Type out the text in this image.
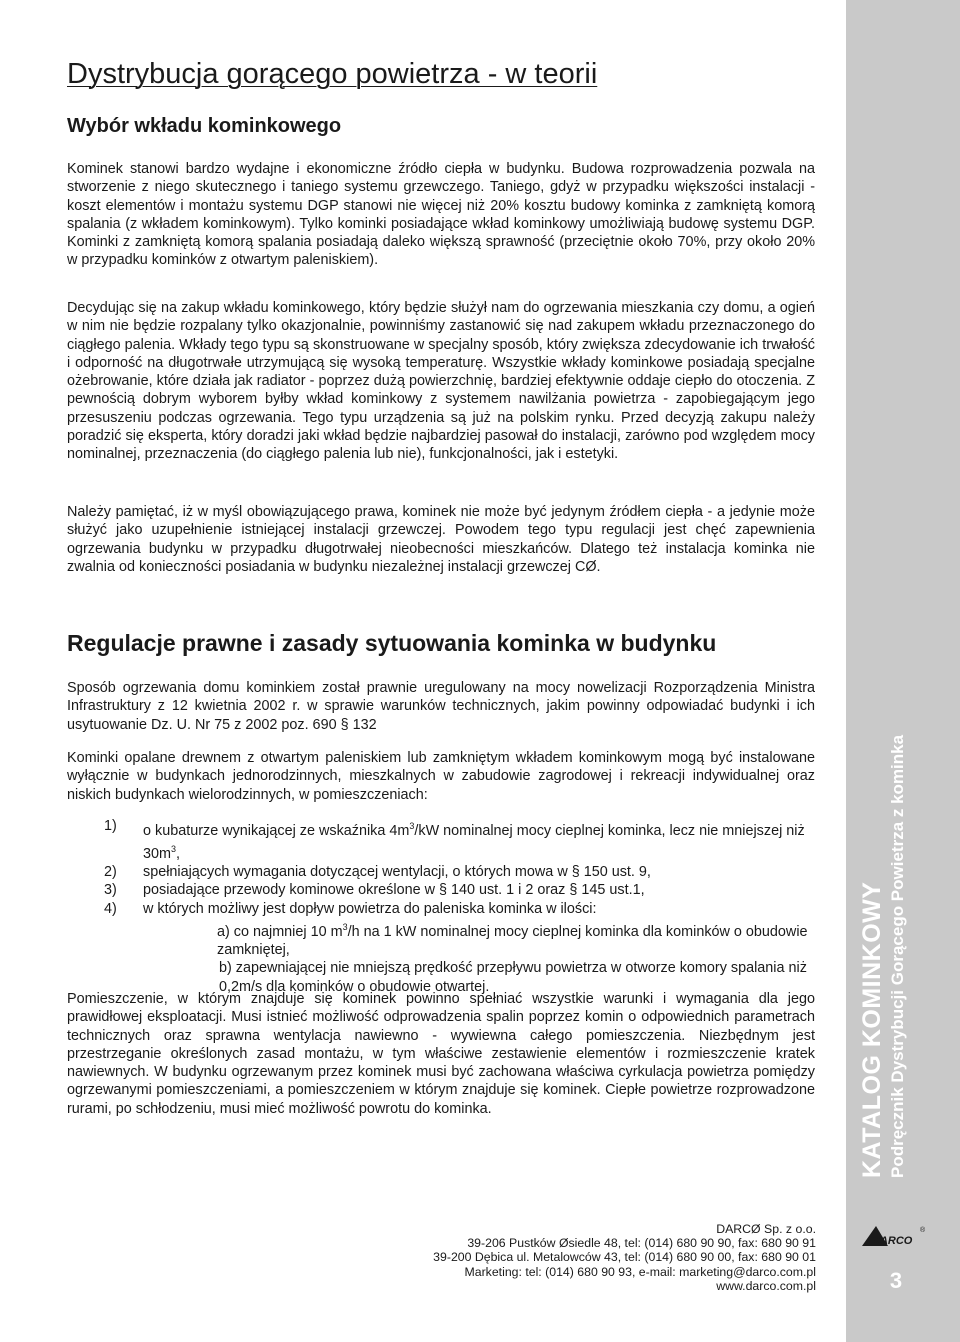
KATALOG KOMINKOWY Podręcznik Dystrybucji Gorącego Powietrza z kominka
3
Dystrybucja gorącego powietrza - w teorii
Wybór wkładu kominkowego

Kominek stanowi bardzo wydajne i ekonomiczne źródło ciepła w budynku. Budowa rozprowadzenia pozwala na stworzenie z niego skutecznego i taniego systemu grzewczego. Taniego, gdyż w przypadku większości instalacji - koszt elementów i montażu systemu DGP stanowi nie więcej niż 20% kosztu budowy kominka z zamkniętą komorą spalania (z wkładem kominkowym). Tylko kominki posiadające wkład kominkowy umożliwiają budowę systemu DGP. Kominki z zamkniętą komorą spalania posiadają daleko większą sprawność (przeciętnie około 70%, przy około 20% w przypadku kominków z otwartym paleniskiem).

Decydując się na zakup wkładu kominkowego, który będzie służył nam do ogrzewania mieszkania czy domu, a ogień w nim nie będzie rozpalany tylko okazjonalnie, powinniśmy zastanowić się nad zakupem wkładu przeznaczonego do ciągłego palenia. Wkłady tego typu są skonstruowane w specjalny sposób, który zwiększa zdecydowanie ich trwałość i odporność na długotrwałe utrzymującą się wysoką temperaturę. Wszystkie wkłady kominkowe posiadają specjalne ożebrowanie, które działa jak radiator - poprzez dużą powierzchnię, bardziej efektywnie oddaje ciepło do otoczenia. Z pewnością dobrym wyborem byłby wkład kominkowy z systemem nawilżania powietrza - zapobiegającym jego przesuszeniu podczas ogrzewania. Tego typu urządzenia są już na polskim rynku. Przed decyzją zakupu należy poradzić się eksperta, który doradzi jaki wkład będzie najbardziej pasował do instalacji, zarówno pod względem mocy nominalnej, przeznaczenia (do ciągłego palenia lub nie), funkcjonalności, jak i estetyki.

Należy pamiętać, iż w myśl obowiązującego prawa, kominek nie może być jedynym źródłem ciepła - a jedynie może służyć jako uzupełnienie istniejącej instalacji grzewczej. Powodem tego typu regulacji jest chęć zapewnienia ogrzewania budynku w przypadku długotrwałej nieobecności mieszkańców. Dlatego też instalacja kominka nie zwalnia od konieczności posiadania w budynku niezależnej instalacji grzewczej CØ.

Regulacje prawne i zasady sytuowania kominka w budynku

Sposób ogrzewania domu kominkiem został prawnie uregulowany na mocy nowelizacji Rozporządzenia Ministra Infrastruktury z 12 kwietnia 2002 r. w sprawie warunków technicznych, jakim powinny odpowiadać budynki i ich usytuowanie Dz. U. Nr 75 z 2002 poz. 690 § 132

Kominki opalane drewnem z otwartym paleniskiem lub zamkniętym wkładem kominkowym mogą być instalowane wyłącznie w budynkach jednorodzinnych, mieszkalnych w zabudowie zagrodowej i rekreacji indywidualnej oraz niskich budynkach wielorodzinnych, w pomieszczeniach:

1) o kubaturze wynikającej ze wskaźnika $4m^3/kW$ nominalnej mocy cieplnej kominka, lecz nie mniejszej niż $30m^3$,
2) spełniających wymagania dotyczącej wentylacji, o których mowa w § 150 ust. 9,
3) posiadające przewody kominowe określone w § 140 ust. 1 i 2 oraz § 145 ust.1,
4) w których możliwy jest dopływ powietrza do paleniska kominka w ilości:
a) co najmniej 10 $m^3/h$ na 1 kW nominalnej mocy cieplnej kominka dla kominków o obudowie zamkniętej,
b) zapewniającej nie mniejszą prędkość przepływu powietrza w otworze komory spalania niż 0,2m/s dla kominków o obudowie otwartej.

Pomieszczenie, w którym znajduje się kominek powinno spełniać wszystkie warunki i wymagania dla jego prawidłowej eksploatacji. Musi istnieć możliwość odprowadzenia spalin poprzez komin o odpowiednich parametrach technicznych oraz sprawna wentylacja nawiewno - wywiewna całego pomieszczenia. Niezbędnym jest przestrzeganie określonych zasad montażu, w tym właściwe zestawienie elementów i rozmieszczenie kratek nawiewnych. W budynku ogrzewanym przez kominek musi być zachowana właściwa cyrkulacja powietrza pomiędzy ogrzewanymi pomieszczeniami, a pomieszczeniem w którym znajduje się kominek. Ciepłe powietrze rozprowadzone rurami, po schłodzeniu, musi mieć możliwość powrotu do kominka.

DARCØ Sp. z o.o.
39-206 Pustków Øsiedle 48, tel: (014) 680 90 90, fax: 680 90 91
39-200 Dębica ul. Metalowców 43, tel: (014) 680 90 00, fax: 680 90 01
Marketing: tel: (014) 680 90 93, e-mail: marketing@darco.com.pl
www.darco.com.pl
DARCO
®
